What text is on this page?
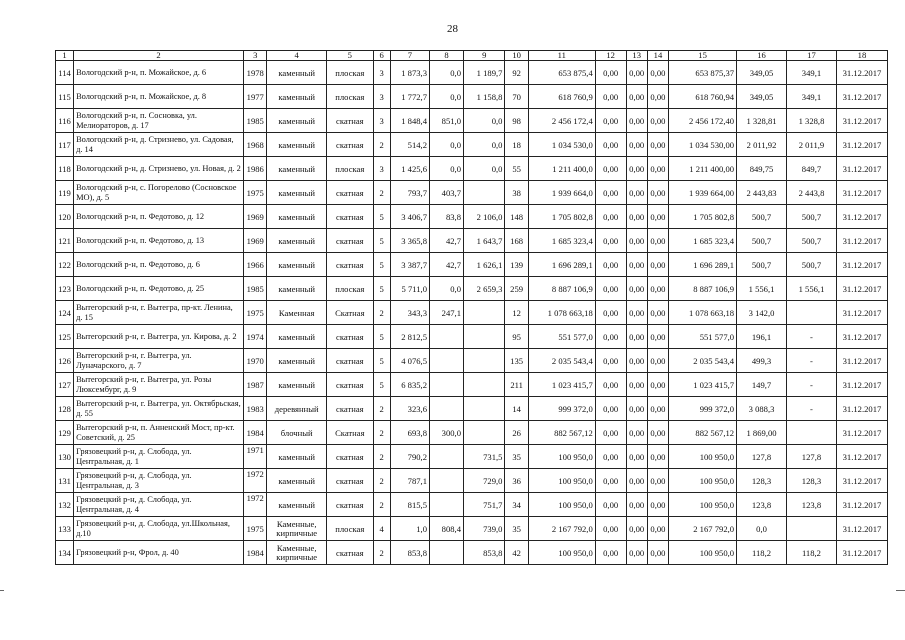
28
1	2	3	4	5	6	7	8	9	10	11	12	13	14	15	16	17	18
114	Вологодский р-н, п. Можайское, д. 6	1978	каменный	плоская	3	1 873,3	0,0	1 189,7	92	653 875,4	0,00	0,00	0,00	653 875,37	349,05	349,1	31.12.2017
115	Вологодский р-н, п. Можайское, д. 8	1977	каменный	плоская	3	1 772,7	0,0	1 158,8	70	618 760,9	0,00	0,00	0,00	618 760,94	349,05	349,1	31.12.2017
116	Вологодский р-н, п. Сосновка, ул. Мелиораторов, д. 17	1985	каменный	скатная	3	1 848,4	851,0	0,0	98	2 456 172,4	0,00	0,00	0,00	2 456 172,40	1 328,81	1 328,8	31.12.2017
117	Вологодский р-н, д. Стризнево, ул. Садовая, д. 14	1968	каменный	скатная	2	514,2	0,0	0,0	18	1 034 530,0	0,00	0,00	0,00	1 034 530,00	2 011,92	2 011,9	31.12.2017
118	Вологодский р-н, д. Стризнево, ул. Новая, д. 2	1986	каменный	плоская	3	1 425,6	0,0	0,0	55	1 211 400,0	0,00	0,00	0,00	1 211 400,00	849,75	849,7	31.12.2017
119	Вологодский р-н, с. Погорелово (Сосновское МО), д. 5	1975	каменный	скатная	2	793,7	403,7		38	1 939 664,0	0,00	0,00	0,00	1 939 664,00	2 443,83	2 443,8	31.12.2017
120	Вологодский р-н, п. Федотово, д. 12	1969	каменный	скатная	5	3 406,7	83,8	2 106,0	148	1 705 802,8	0,00	0,00	0,00	1 705 802,8	500,7	500,7	31.12.2017
121	Вологодский р-н, п. Федотово, д. 13	1969	каменный	скатная	5	3 365,8	42,7	1 643,7	168	1 685 323,4	0,00	0,00	0,00	1 685 323,4	500,7	500,7	31.12.2017
122	Вологодский р-н, п. Федотово, д. 6	1966	каменный	скатная	5	3 387,7	42,7	1 626,1	139	1 696 289,1	0,00	0,00	0,00	1 696 289,1	500,7	500,7	31.12.2017
123	Вологодский р-н, п. Федотово, д. 25	1985	каменный	плоская	5	5 711,0	0,0	2 659,3	259	8 887 106,9	0,00	0,00	0,00	8 887 106,9	1 556,1	1 556,1	31.12.2017
124	Вытегорский р-н, г. Вытегра, пр-кт. Ленина, д. 15	1975	Каменная	Скатная	2	343,3	247,1		12	1 078 663,18	0,00	0,00	0,00	1 078 663,18	3 142,0		31.12.2017
125	Вытегорский р-н, г. Вытегра, ул. Кирова, д. 2	1974	каменный	скатная	5	2 812,5			95	551 577,0	0,00	0,00	0,00	551 577,0	196,1	-	31.12.2017
126	Вытегорский р-н, г. Вытегра, ул. Луначарского, д. 7	1970	каменный	скатная	5	4 076,5			135	2 035 543,4	0,00	0,00	0,00	2 035 543,4	499,3	-	31.12.2017
127	Вытегорский р-н, г. Вытегра, ул. Розы Люксембург, д. 9	1987	каменный	скатная	5	6 835,2			211	1 023 415,7	0,00	0,00	0,00	1 023 415,7	149,7	-	31.12.2017
128	Вытегорский р-н, г. Вытегра, ул. Октябрьская, д. 55	1983	деревянный	скатная	2	323,6			14	999 372,0	0,00	0,00	0,00	999 372,0	3 088,3	-	31.12.2017
129	Вытегорский р-н, п. Анненский Мост, пр-кт. Советский, д. 25	1984	блочный	Скатная	2	693,8	300,0		26	882 567,12	0,00	0,00	0,00	882 567,12	1 869,00		31.12.2017
130	Грязовецкий р-н, д. Слобода, ул. Центральная, д. 1	1971	каменный	скатная	2	790,2		731,5	35	100 950,0	0,00	0,00	0,00	100 950,0	127,8	127,8	31.12.2017
131	Грязовецкий р-н, д. Слобода, ул. Центральная, д. 3	1972	каменный	скатная	2	787,1		729,0	36	100 950,0	0,00	0,00	0,00	100 950,0	128,3	128,3	31.12.2017
132	Грязовецкий р-н, д. Слобода, ул. Центральная, д. 4	1972	каменный	скатная	2	815,5		751,7	34	100 950,0	0,00	0,00	0,00	100 950,0	123,8	123,8	31.12.2017
133	Грязовецкий р-н, д. Слобода, ул.Школьная, д.10	1975	Каменные, кирпичные	плоская	4	1,0	808,4	739,0	35	2 167 792,0	0,00	0,00	0,00	2 167 792,0	0,0		31.12.2017
134	Грязовецкий р-н, Фрол, д. 40	1984	Каменные, кирпичные	скатная	2	853,8		853,8	42	100 950,0	0,00	0,00	0,00	100 950,0	118,2	118,2	31.12.2017
